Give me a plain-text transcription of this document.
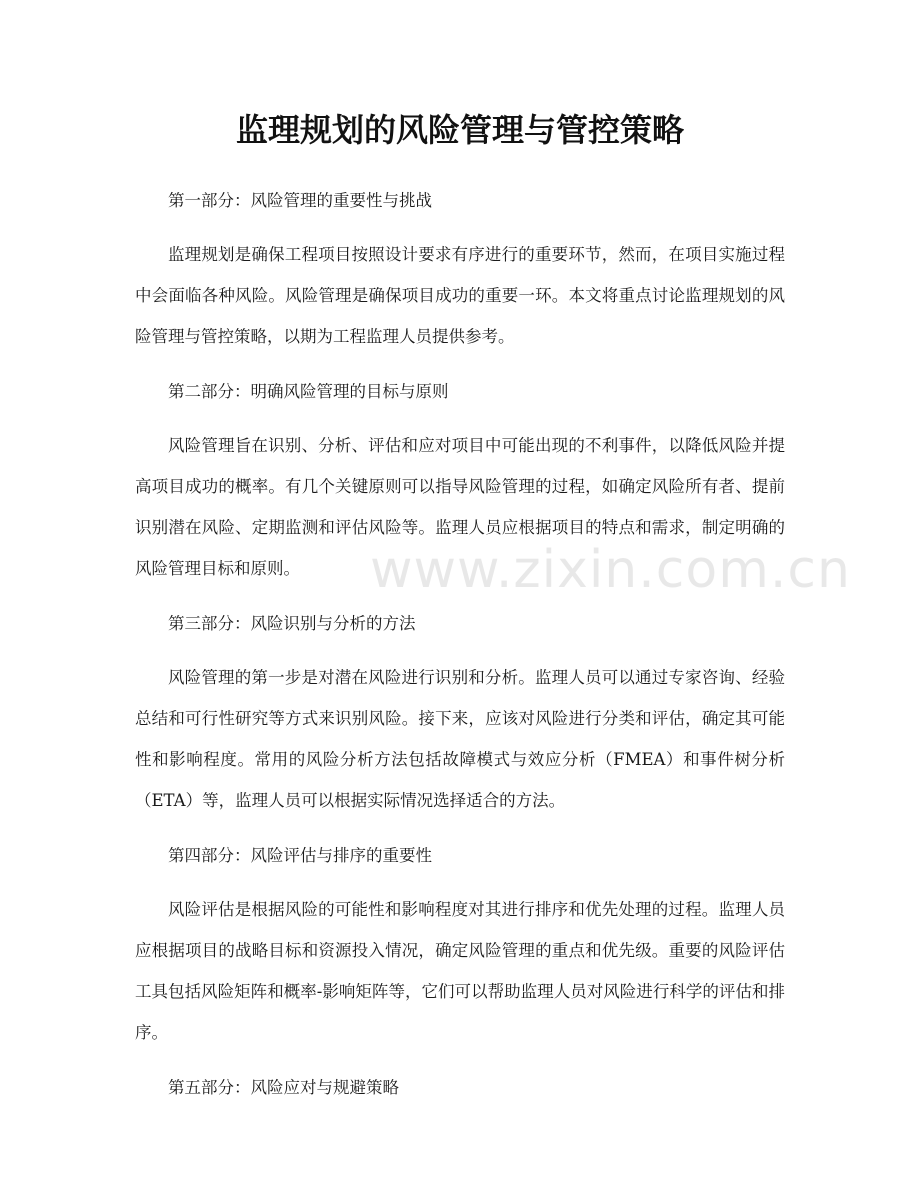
监理规划的风险管理与管控策略
www.zixin.com.cn

第一部分：风险管理的重要性与挑战

监理规划是确保工程项目按照设计要求有序进行的重要环节，然而，在项目实施过程中会面临各种风险。风险管理是确保项目成功的重要一环。本文将重点讨论监理规划的风险管理与管控策略，以期为工程监理人员提供参考。

第二部分：明确风险管理的目标与原则

风险管理旨在识别、分析、评估和应对项目中可能出现的不利事件，以降低风险并提高项目成功的概率。有几个关键原则可以指导风险管理的过程，如确定风险所有者、提前识别潜在风险、定期监测和评估风险等。监理人员应根据项目的特点和需求，制定明确的风险管理目标和原则。

第三部分：风险识别与分析的方法

风险管理的第一步是对潜在风险进行识别和分析。监理人员可以通过专家咨询、经验总结和可行性研究等方式来识别风险。接下来，应该对风险进行分类和评估，确定其可能性和影响程度。常用的风险分析方法包括故障模式与效应分析（FMEA）和事件树分析（ETA）等，监理人员可以根据实际情况选择适合的方法。

第四部分：风险评估与排序的重要性

风险评估是根据风险的可能性和影响程度对其进行排序和优先处理的过程。监理人员应根据项目的战略目标和资源投入情况，确定风险管理的重点和优先级。重要的风险评估工具包括风险矩阵和概率-影响矩阵等，它们可以帮助监理人员对风险进行科学的评估和排序。

第五部分：风险应对与规避策略
